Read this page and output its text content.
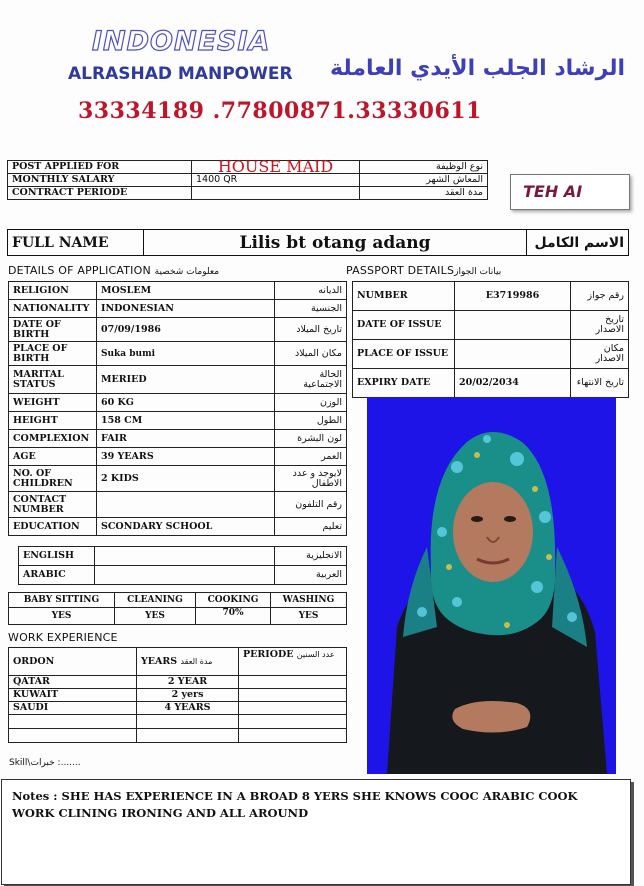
INDONESIA
ALRASHAD MANPOWER الرشاد الجلب الأيدي العاملة
33334189 .77800871.33330611
POST APPLIED FOR	HOUSE MAID	نوع الوظيفة
MONTHLY SALARY	1400 QR	المعاش الشهر
CONTRACT PERIODE		مدة العقد	TEH AI
FULL NAME	Lilis bt otang adang	الاسم الكامل
DETAILS OF APPLICATION معلومات شخصية	PASSPORT DETAILSبيانات الجواز
RELIGION	MOSLEM	الديانه
NATIONALITY	INDONESIAN	الجنسية
DATE OF BIRTH	07/09/1986	تاريخ الميلاد
PLACE OF BIRTH	Suka bumi	مكان الميلاد
MARITAL STATUS	MERIED	الحالة الاجتماعية
WEIGHT	60 KG	الوزن
HEIGHT	158 CM	الطول
COMPLEXION	FAIR	لون البشرة
AGE	39 YEARS	العمر
NO. OF CHILDREN	2 KIDS	لايوجد و عدد الاطفال
CONTACT NUMBER		رقم التلفون
EDUCATION	SCONDARY SCHOOL	تعليم
ENGLISH		الانجليزية
ARABIC		العربية
BABY SITTING	CLEANING	COOKING	WASHING
YES	YES	70%	YES
WORK EXPERIENCE
ORDON	YEARS مدة العقد	PERIODE عدد السنين
QATAR	2 YEAR	
KUWAIT	2 yers	
SAUDI	4 YEARS	

NUMBER	E3719986	رقم جواز
DATE OF ISSUE		تاريخ الاصدار
PLACE OF ISSUE		مكان الاصدار
EXPIRY DATE	20/02/2034	تاريخ الانتهاء
Skill\خبرات :.......
Notes : SHE HAS EXPERIENCE IN A BROAD 8 YERS SHE KNOWS COOC ARABIC COOK WORK CLINING IRONING AND ALL AROUND
